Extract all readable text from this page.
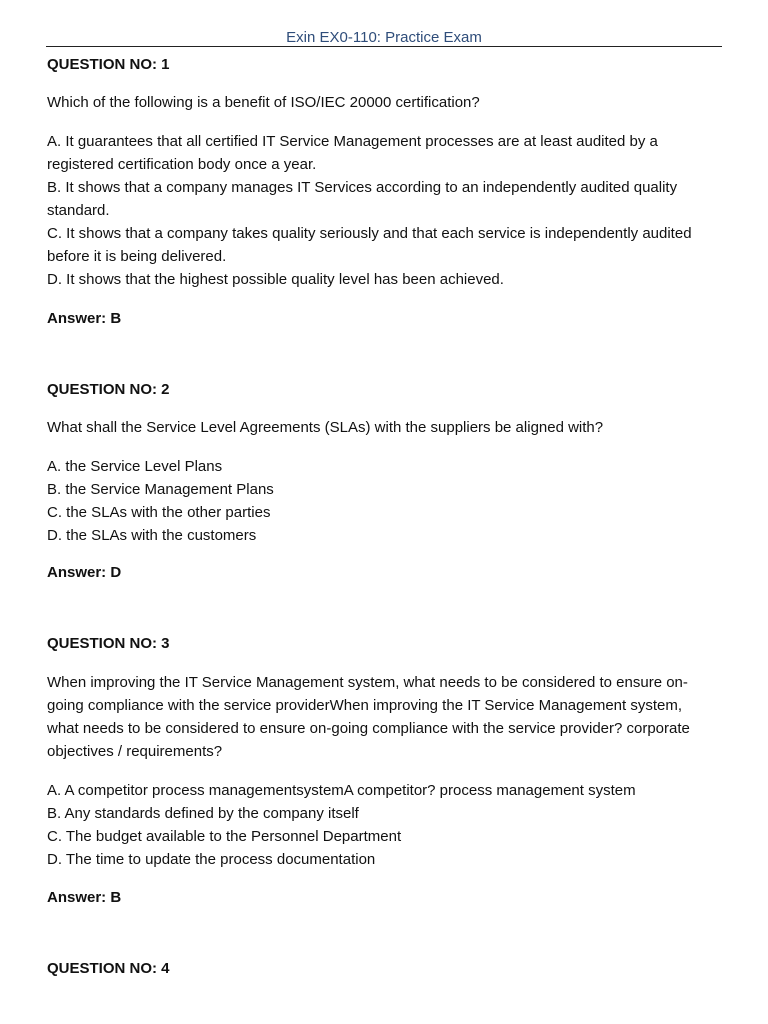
Exin EX0-110: Practice Exam

QUESTION NO: 1

Which of the following is a benefit of ISO/IEC 20000 certification?

A. It guarantees that all certified IT Service Management processes are at least audited by a registered certification body once a year.

B. It shows that a company manages IT Services according to an independently audited quality standard.

C. It shows that a company takes quality seriously and that each service is independently audited before it is being delivered.

D. It shows that the highest possible quality level has been achieved.

Answer: B

QUESTION NO: 2

What shall the Service Level Agreements (SLAs) with the suppliers be aligned with?

A. the Service Level Plans

B. the Service Management Plans

C. the SLAs with the other parties

D. the SLAs with the customers

Answer: D

QUESTION NO: 3

When improving the IT Service Management system, what needs to be considered to ensure on-going compliance with the service providerWhen improving the IT Service Management system, what needs to be considered to ensure on-going compliance with the service provider? corporate objectives / requirements?

A. A competitor process managementsystemA competitor? process management system

B. Any standards defined by the company itself

C. The budget available to the Personnel Department

D. The time to update the process documentation

Answer: B

QUESTION NO: 4
